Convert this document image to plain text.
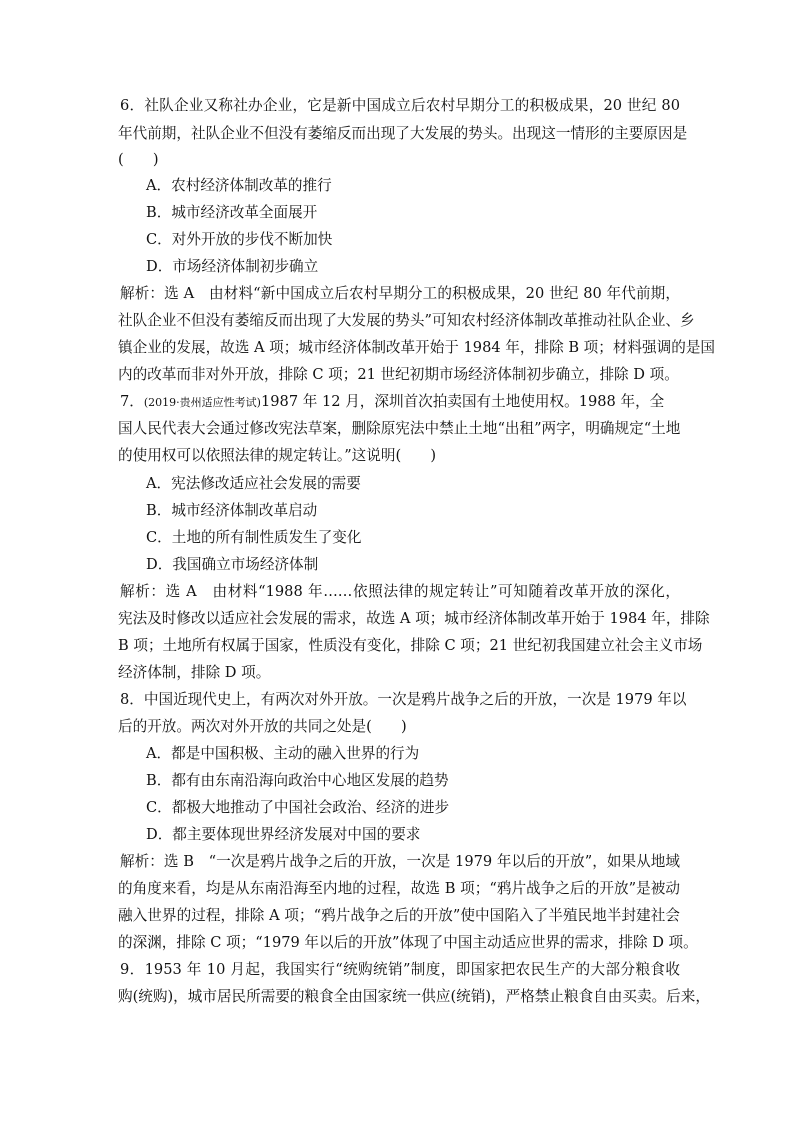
6．社队企业又称社办企业，它是新中国成立后农村早期分工的积极成果，20 世纪 80
年代前期，社队企业不但没有萎缩反而出现了大发展的势头。出现这一情形的主要原因是
(　　)
A．农村经济体制改革的推行
B．城市经济改革全面展开
C．对外开放的步伐不断加快
D．市场经济体制初步确立
解析：选 A　由材料“新中国成立后农村早期分工的积极成果，20 世纪 80 年代前期，
社队企业不但没有萎缩反而出现了大发展的势头”可知农村经济体制改革推动社队企业、乡
镇企业的发展，故选 A 项；城市经济体制改革开始于 1984 年，排除 B 项；材料强调的是国
内的改革而非对外开放，排除 C 项；21 世纪初期市场经济体制初步确立，排除 D 项。
7．(2019·贵州适应性考试)1987 年 12 月，深圳首次拍卖国有土地使用权。1988 年，全
国人民代表大会通过修改宪法草案，删除原宪法中禁止土地“出租”两字，明确规定“土地
的使用权可以依照法律的规定转让。”这说明(　　)
A．宪法修改适应社会发展的需要
B．城市经济体制改革启动
C．土地的所有制性质发生了变化
D．我国确立市场经济体制
解析：选 A　由材料“1988 年……依照法律的规定转让”可知随着改革开放的深化，
宪法及时修改以适应社会发展的需求，故选 A 项；城市经济体制改革开始于 1984 年，排除
B 项；土地所有权属于国家，性质没有变化，排除 C 项；21 世纪初我国建立社会主义市场
经济体制，排除 D 项。
8．中国近现代史上，有两次对外开放。一次是鸦片战争之后的开放，一次是 1979 年以
后的开放。两次对外开放的共同之处是(　　)
A．都是中国积极、主动的融入世界的行为
B．都有由东南沿海向政治中心地区发展的趋势
C．都极大地推动了中国社会政治、经济的进步
D．都主要体现世界经济发展对中国的要求
解析：选 B　“一次是鸦片战争之后的开放，一次是 1979 年以后的开放”，如果从地域
的角度来看，均是从东南沿海至内地的过程，故选 B 项；“鸦片战争之后的开放”是被动
融入世界的过程，排除 A 项；“鸦片战争之后的开放”使中国陷入了半殖民地半封建社会
的深渊，排除 C 项；“1979 年以后的开放”体现了中国主动适应世界的需求，排除 D 项。
9．1953 年 10 月起，我国实行“统购统销”制度，即国家把农民生产的大部分粮食收
购(统购)，城市居民所需要的粮食全由国家统一供应(统销)，严格禁止粮食自由买卖。后来，
